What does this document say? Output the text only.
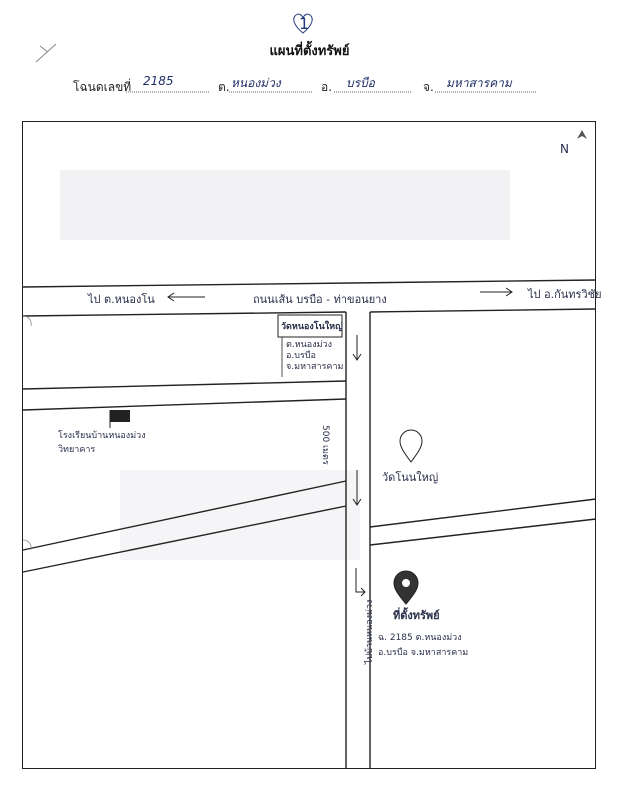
1
แผนที่ตั้งทรัพย์
โฉนดเลขที่ 2185	ต. หนองม่วง	อ. บรบือ	จ. มหาสารคาม
N
ถนนเส้น บรบือ - ท่าขอนยาง
ไป ต.หนองโน	ไป อ.กันทรวิชัย
วัดหนองโนใหญ่
ต.หนองม่วง
อ.บรบือ
จ.มหาสารคาม
โรงเรียนบ้านหนองม่วง
วิทยาคาร	500 เมตร
วัดโนนใหญ่
ที่ตั้งทรัพย์
ฉ. 2185 ต.หนองม่วง
อ.บรบือ จ.มหาสารคาม
ไปบ้านหนองม่วง
